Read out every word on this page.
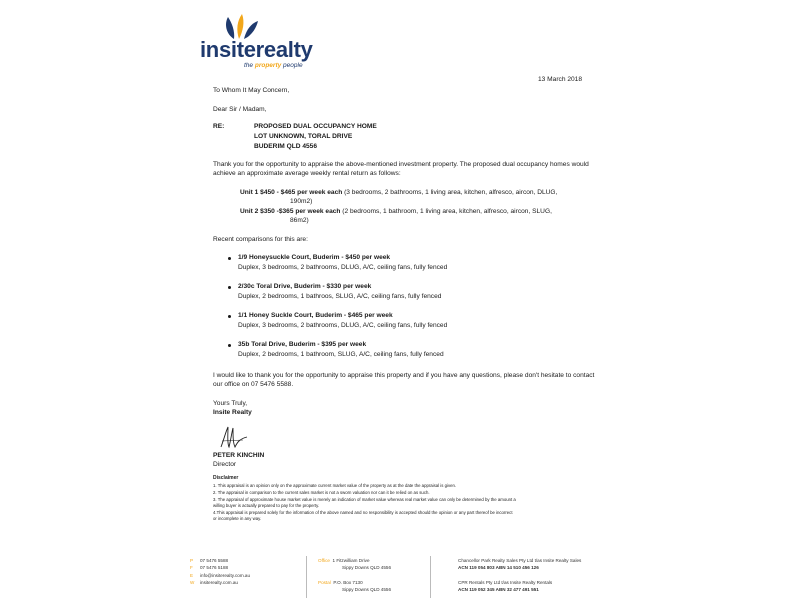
insiterealty
the property people
13 March 2018
To Whom It May Concern,
Dear Sir / Madam,
RE:	PROPOSED DUAL OCCUPANCY HOME
LOT UNKNOWN, TORAL DRIVE
BUDERIM QLD 4556
Thank you for the opportunity to appraise the above-mentioned investment property. The proposed dual occupancy homes would achieve an approximate average weekly rental return as follows:
Unit 1 $450 - $465 per week each (3 bedrooms, 2 bathrooms, 1 living area, kitchen, alfresco, aircon, DLUG,
190m2)
Unit 2 $350 -$365 per week each (2 bedrooms, 1 bathroom, 1 living area, kitchen, alfresco, aircon, SLUG,
86m2)
Recent comparisons for this are:
1/9 Honeysuckle Court, Buderim - $450 per week
Duplex, 3 bedrooms, 2 bathrooms, DLUG, A/C, ceiling fans, fully fenced
2/30c Toral Drive, Buderim - $330 per week
Duplex, 2 bedrooms, 1 bathroos, SLUG, A/C, ceiling fans, fully fenced
1/1 Honey Suckle Court, Buderim - $465 per week
Duplex, 3 bedrooms, 2 bathrooms, DLUG, A/C, ceiling fans, fully fenced
35b Toral Drive, Buderim - $395 per week
Duplex, 2 bedrooms, 1 bathroom, SLUG, A/C, ceiling fans, fully fenced
I would like to thank you for the opportunity to appraise this property and if you have any questions, please don't hesitate to contact our office on 07 5476 5588.
Yours Truly,
Insite Realty
PETER KINCHIN
Director
Disclaimer
1. This appraisal is an opinion only on the approximate current market value of the property as at the date the appraisal is given.
2. The appraisal in comparison to the current sales market is not a sworn valuation nor can it be relied on as such.
3. The appraisal of approximate house market value is merely an indication of market value whereas real market value can only be determined by the amount a
willing buyer is actually prepared to pay for the property.
4.This appraisal is prepared solely for the information of the above named and no responsibility is accepted should the opinion or any part thereof be incorrect
or incomplete in any way.
P 07 5476 5588
F 07 5476 5188
E info@insiterealty.com.au
W insiterealty.com.au
Office 1 Fitzwilliam Drive
Sippy Downs QLD 4556
Postal P.O. Box 7130
Sippy Downs QLD 4556
Chancellor Park Realty Sales Pty Ltd t/as Insite Realty Sales
ACN 119 054 803 ABN 14 510 456 126
CPR Rentals Pty Ltd t/as Insite Realty Rentals
ACN 119 052 345 ABN 32 477 491 551
